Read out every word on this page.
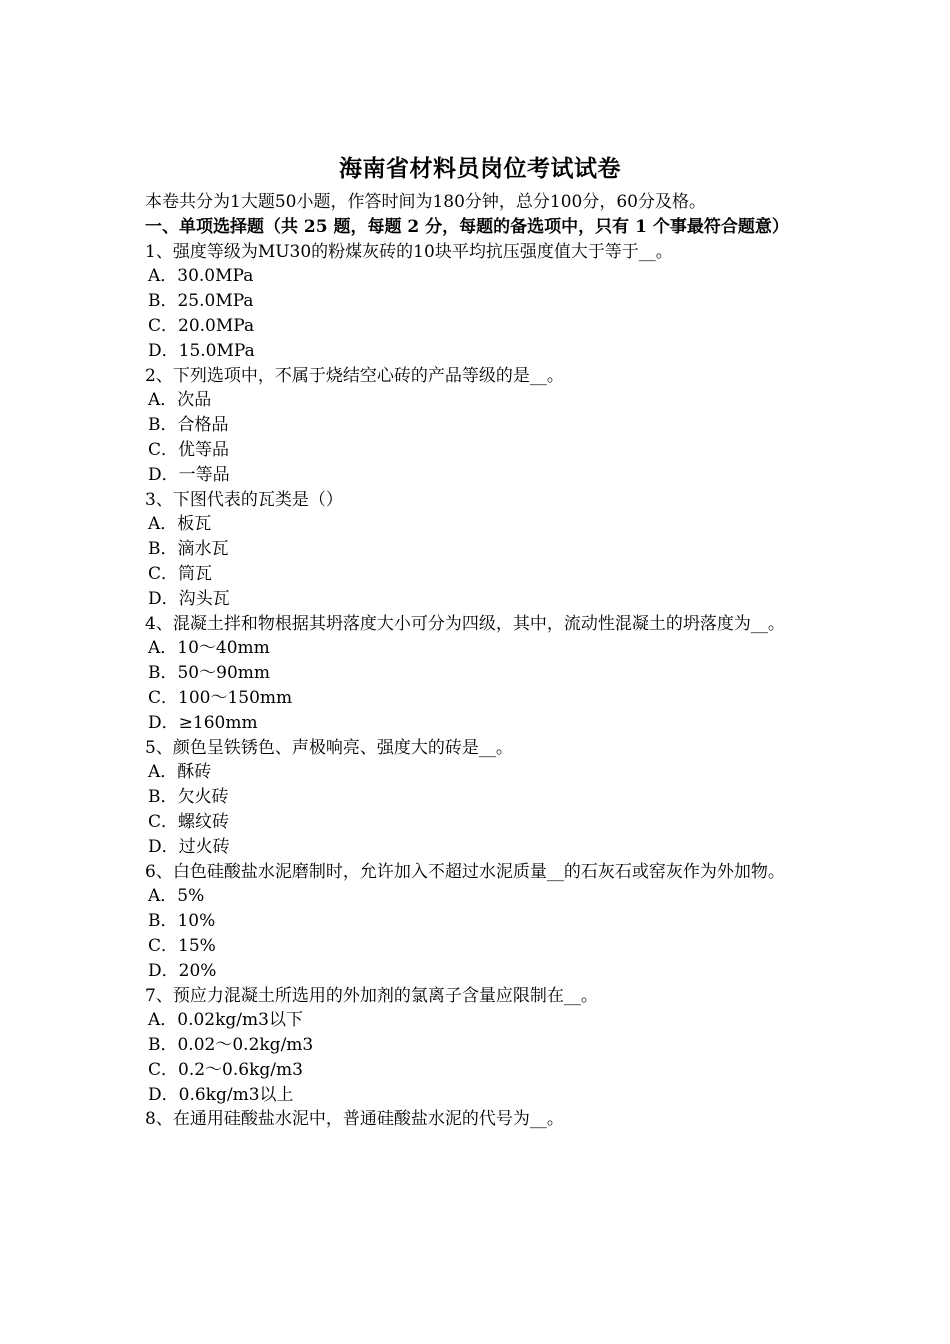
海南省材料员岗位考试试卷
本卷共分为1大题50小题，作答时间为180分钟，总分100分，60分及格。
一、单项选择题（共 25 题，每题 2 分，每题的备选项中，只有 1 个事最符合题意）
1、强度等级为MU30的粉煤灰砖的10块平均抗压强度值大于等于__。
A．30.0MPa
B．25.0MPa
C．20.0MPa
D．15.0MPa
2、下列选项中，不属于烧结空心砖的产品等级的是__。
A．次品
B．合格品
C．优等品
D．一等品
3、下图代表的瓦类是（）
A．板瓦
B．滴水瓦
C．筒瓦
D．沟头瓦
4、混凝土拌和物根据其坍落度大小可分为四级，其中，流动性混凝土的坍落度为__。
A．10～40mm
B．50～90mm
C．100～150mm
D．≥160mm
5、颜色呈铁锈色、声极响亮、强度大的砖是__。
A．酥砖
B．欠火砖
C．螺纹砖
D．过火砖
6、白色硅酸盐水泥磨制时，允许加入不超过水泥质量__的石灰石或窑灰作为外加物。
A．5%
B．10%
C．15%
D．20%
7、预应力混凝土所选用的外加剂的氯离子含量应限制在__。
A．0.02kg/m3以下
B．0.02～0.2kg/m3
C．0.2～0.6kg/m3
D．0.6kg/m3以上
8、在通用硅酸盐水泥中，普通硅酸盐水泥的代号为__。
